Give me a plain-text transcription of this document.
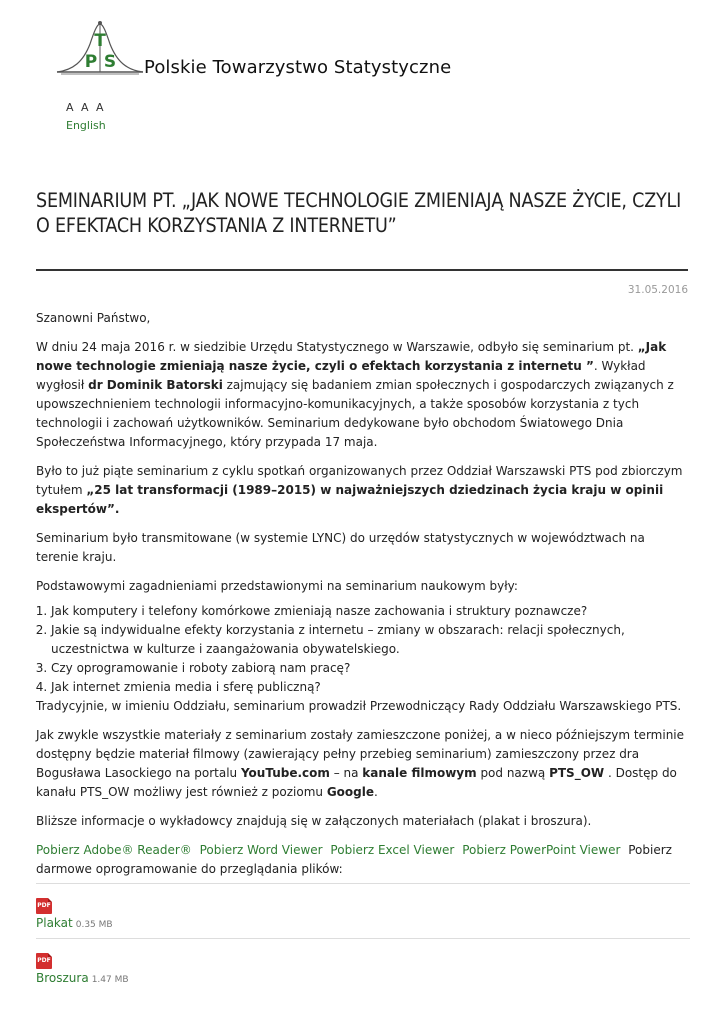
T
P S Polskie Towarzystwo Statystyczne
A A A
English
SEMINARIUM PT. „JAK NOWE TECHNOLOGIE ZMIENIAJĄ NASZE ŻYCIE, CZYLI O EFEKTACH KORZYSTANIA Z INTERNETU”
31.05.2016

Szanowni Państwo,

W dniu 24 maja 2016 r. w siedzibie Urzędu Statystycznego w Warszawie, odbyło się seminarium pt. „Jak nowe technologie zmieniają nasze życie, czyli o efektach korzystania z internetu ”. Wykład wygłosił dr Dominik Batorski zajmujący się badaniem zmian społecznych i gospodarczych związanych z upowszechnieniem technologii informacyjno-komunikacyjnych, a także sposobów korzystania z tych technologii i zachowań użytkowników. Seminarium dedykowane było obchodom Światowego Dnia Społeczeństwa Informacyjnego, który przypada 17 maja.

Było to już piąte seminarium z cyklu spotkań organizowanych przez Oddział Warszawski PTS pod zbiorczym tytułem „25 lat transformacji (1989–2015) w najważniejszych dziedzinach życia kraju w opinii ekspertów”.

Seminarium było transmitowane (w systemie LYNC) do urzędów statystycznych w województwach na terenie kraju.

Podstawowymi zagadnieniami przedstawionymi na seminarium naukowym były:

1. Jak komputery i telefony komórkowe zmieniają nasze zachowania i struktury poznawcze?
2. Jakie są indywidualne efekty korzystania z internetu – zmiany w obszarach: relacji społecznych, uczestnictwa w kulturze i zaangażowania obywatelskiego.
3. Czy oprogramowanie i roboty zabiorą nam pracę?
4. Jak internet zmienia media i sferę publiczną?

Tradycyjnie, w imieniu Oddziału, seminarium prowadził Przewodniczący Rady Oddziału Warszawskiego PTS.

Jak zwykle wszystkie materiały z seminarium zostały zamieszczone poniżej, a w nieco późniejszym terminie dostępny będzie materiał filmowy (zawierający pełny przebieg seminarium) zamieszczony przez dra Bogusława Lasockiego na portalu YouTube.com – na kanale filmowym pod nazwą PTS_OW . Dostęp do kanału PTS_OW możliwy jest również z poziomu Google.

Bliższe informacje o wykładowcy znajdują się w załączonych materiałach (plakat i broszura).

Pobierz Adobe® Reader® Pobierz Word Viewer Pobierz Excel Viewer Pobierz PowerPoint Viewer Pobierz darmowe oprogramowanie do przeglądania plików:

PDF
Plakat 0.35 MB
PDF
Broszura 1.47 MB
